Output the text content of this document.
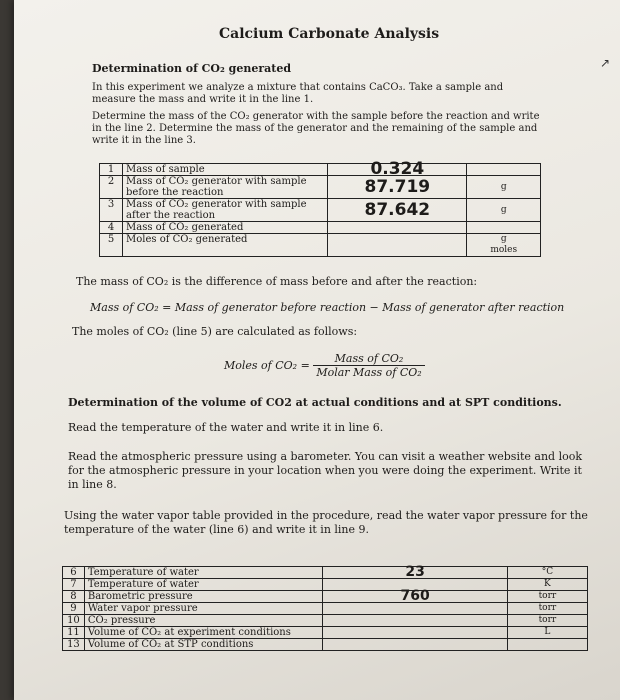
Calcium Carbonate Analysis
↗
Determination of CO₂ generated
In this experiment we analyze a mixture that contains CaCO₃. Take a sample and measure the mass and write it in the line 1.
Determine the mass of the CO₂ generator with the sample before the reaction and write in the line 2. Determine the mass of the generator and the remaining of the sample and write it in the line 3.
1	Mass of sample	0.324	
2	Mass of CO₂ generator with sample before the reaction	87.719	g
3	Mass of CO₂ generator with sample after the reaction	87.642	g
4	Mass of CO₂ generated		
5	Moles of CO₂ generated		g
moles
The mass of CO₂ is the difference of mass before and after the reaction:
Mass of CO₂ = Mass of generator before reaction − Mass of generator after reaction
The moles of CO₂ (line 5) are calculated as follows:
Moles of $CO_2 = \frac{\text{Mass of CO₂}}{\text{Molar Mass of CO₂}}$
Determination of the volume of CO2 at actual conditions and at SPT conditions.
Read the temperature of the water and write it in line 6.
Read the atmospheric pressure using a barometer. You can visit a weather website and look for the atmospheric pressure in your location when you were doing the experiment. Write it in line 8.
Using the water vapor table provided in the procedure, read the water vapor pressure for the temperature of the water (line 6) and write it in line 9.
6	Temperature of water	23	°C
7	Temperature of water		K
8	Barometric pressure	760	torr
9	Water vapor pressure		torr
10	CO₂ pressure		torr
11	Volume of CO₂ at experiment conditions		L
13	Volume of CO₂ at STP conditions		
